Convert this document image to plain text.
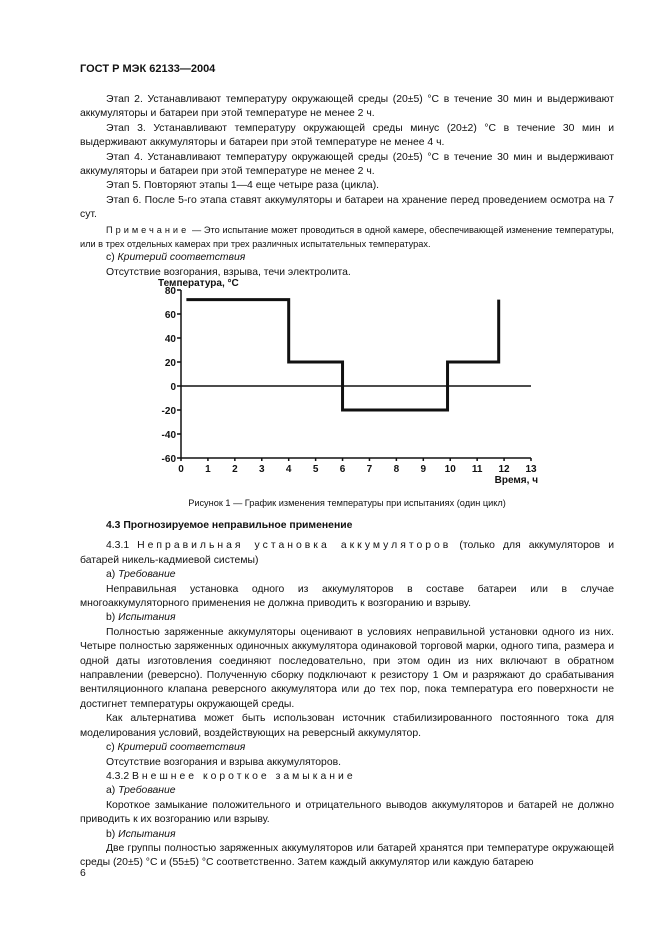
ГОСТ Р МЭК 62133—2004

Этап 2. Устанавливают температуру окружающей среды (20±5) °С в течение 30 мин и выдерживают аккумуляторы и батареи при этой температуре не менее 2 ч.

Этап 3. Устанавливают температуру окружающей среды минус (20±2) °С в течение 30 мин и выдерживают аккумуляторы и батареи при этой температуре не менее 4 ч.

Этап 4. Устанавливают температуру окружающей среды (20±5) °С в течение 30 мин и выдерживают аккумуляторы и батареи при этой температуре не менее 2 ч.

Этап 5. Повторяют этапы 1—4 еще четыре раза (цикла).

Этап 6. После 5-го этапа ставят аккумуляторы и батареи на хранение перед проведением осмотра на 7 сут.

Примечание — Это испытание может проводиться в одной камере, обеспечивающей изменение температуры, или в трех отдельных камерах при трех различных испытательных температурах.

c) Критерий соответствия

Отсутствие возгорания, взрыва, течи электролита.

Температура, °С
Время, ч
80
60
40
20
0
-20
-40
-60
0 1 2 3 4 5 6 7 8 9 10 11 12 13
Рисунок 1 — График изменения температуры при испытаниях (один цикл)

4.3 Прогнозируемое неправильное применение

4.3.1 Неправильная установка аккумуляторов (только для аккумуляторов и батарей никель-кадмиевой системы)

a) Требование

Неправильная установка одного из аккумуляторов в составе батареи или в случае многоаккумуляторного применения не должна приводить к возгоранию и взрыву.

b) Испытания

Полностью заряженные аккумуляторы оценивают в условиях неправильной установки одного из них. Четыре полностью заряженных одиночных аккумулятора одинаковой торговой марки, одного типа, размера и одной даты изготовления соединяют последовательно, при этом один из них включают в обратном направлении (реверсно). Полученную сборку подключают к резистору 1 Ом и разряжают до срабатывания вентиляционного клапана реверсного аккумулятора или до тех пор, пока температура его поверхности не достигнет температуры окружающей среды.

Как альтернатива может быть использован источник стабилизированного постоянного тока для моделирования условий, воздействующих на реверсный аккумулятор.

c) Критерий соответствия

Отсутствие возгорания и взрыва аккумуляторов.

4.3.2 Внешнее короткое замыкание

a) Требование

Короткое замыкание положительного и отрицательного выводов аккумуляторов и батарей не должно приводить к их возгоранию или взрыву.

b) Испытания

Две группы полностью заряженных аккумуляторов или батарей хранятся при температуре окружающей среды (20±5) °С и (55±5) °С соответственно. Затем каждый аккумулятор или каждую батарею

6
